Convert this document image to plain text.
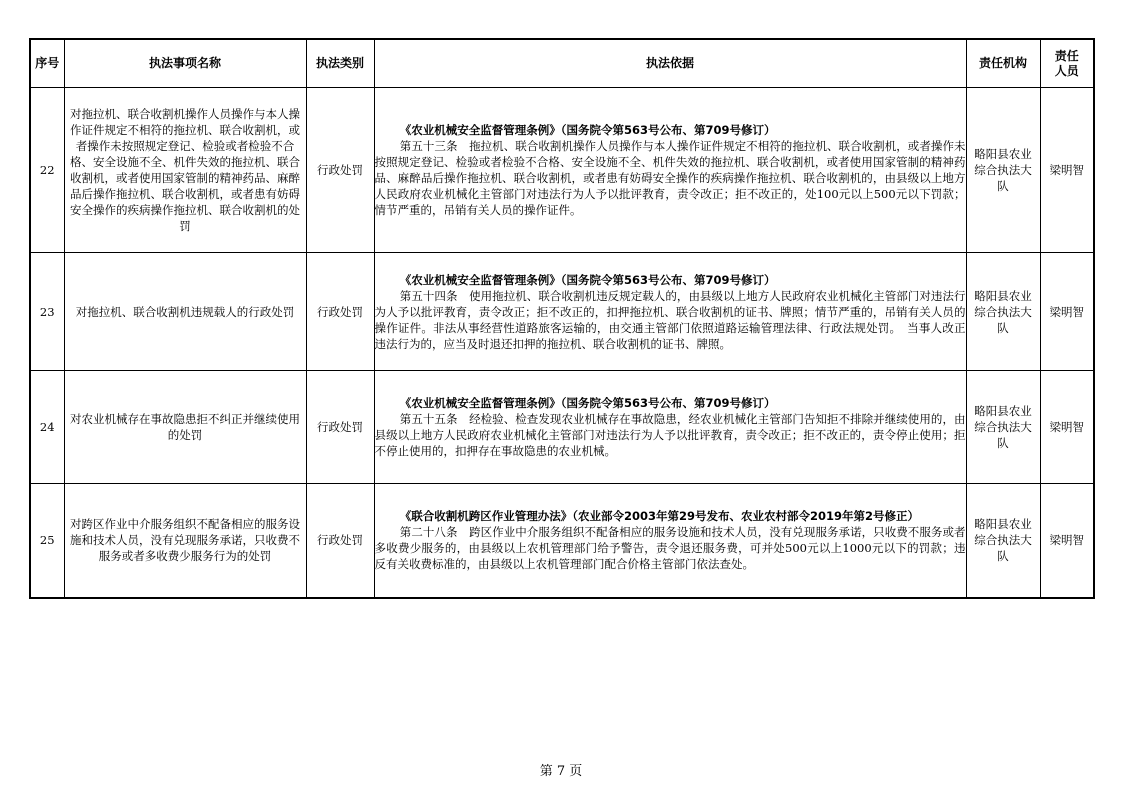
序号	执法事项名称	执法类别	执法依据	责任机构	责任人员
22	对拖拉机、联合收割机操作人员操作与本人操作证件规定不相符的拖拉机、联合收割机，或者操作未按照规定登记、检验或者检验不合格、安全设施不全、机件失效的拖拉机、联合收割机，或者使用国家管制的精神药品、麻醉品后操作拖拉机、联合收割机，或者患有妨碍安全操作的疾病操作拖拉机、联合收割机的处罚	行政处罚	《农业机械安全监督管理条例》（国务院令第563号公布、第709号修订）
第五十三条　拖拉机、联合收割机操作人员操作与本人操作证件规定不相符的拖拉机、联合收割机，或者操作未按照规定登记、检验或者检验不合格、安全设施不全、机件失效的拖拉机、联合收割机，或者使用国家管制的精神药品、麻醉品后操作拖拉机、联合收割机，或者患有妨碍安全操作的疾病操作拖拉机、联合收割机的，由县级以上地方人民政府农业机械化主管部门对违法行为人予以批评教育，责令改正；拒不改正的，处100元以上500元以下罚款；情节严重的，吊销有关人员的操作证件。	略阳县农业综合执法大队	梁明智
23	对拖拉机、联合收割机违规载人的行政处罚	行政处罚	《农业机械安全监督管理条例》（国务院令第563号公布、第709号修订）
第五十四条　使用拖拉机、联合收割机违反规定载人的，由县级以上地方人民政府农业机械化主管部门对违法行为人予以批评教育，责令改正；拒不改正的，扣押拖拉机、联合收割机的证书、牌照；情节严重的，吊销有关人员的操作证件。非法从事经营性道路旅客运输的，由交通主管部门依照道路运输管理法律、行政法规处罚。　当事人改正违法行为的，应当及时退还扣押的拖拉机、联合收割机的证书、牌照。	略阳县农业综合执法大队	梁明智
24	对农业机械存在事故隐患拒不纠正并继续使用的处罚	行政处罚	《农业机械安全监督管理条例》（国务院令第563号公布、第709号修订）
第五十五条　经检验、检查发现农业机械存在事故隐患，经农业机械化主管部门告知拒不排除并继续使用的，由县级以上地方人民政府农业机械化主管部门对违法行为人予以批评教育，责令改正；拒不改正的，责令停止使用；拒不停止使用的，扣押存在事故隐患的农业机械。	略阳县农业综合执法大队	梁明智
25	对跨区作业中介服务组织不配备相应的服务设施和技术人员，没有兑现服务承诺，只收费不服务或者多收费少服务行为的处罚	行政处罚	《联合收割机跨区作业管理办法》（农业部令2003年第29号发布、农业农村部令2019年第2号修正）
第二十八条　跨区作业中介服务组织不配备相应的服务设施和技术人员，没有兑现服务承诺，只收费不服务或者多收费少服务的，由县级以上农机管理部门给予警告，责令退还服务费，可并处500元以上1000元以下的罚款；违反有关收费标准的，由县级以上农机管理部门配合价格主管部门依法查处。	略阳县农业综合执法大队	梁明智
第 7 页
